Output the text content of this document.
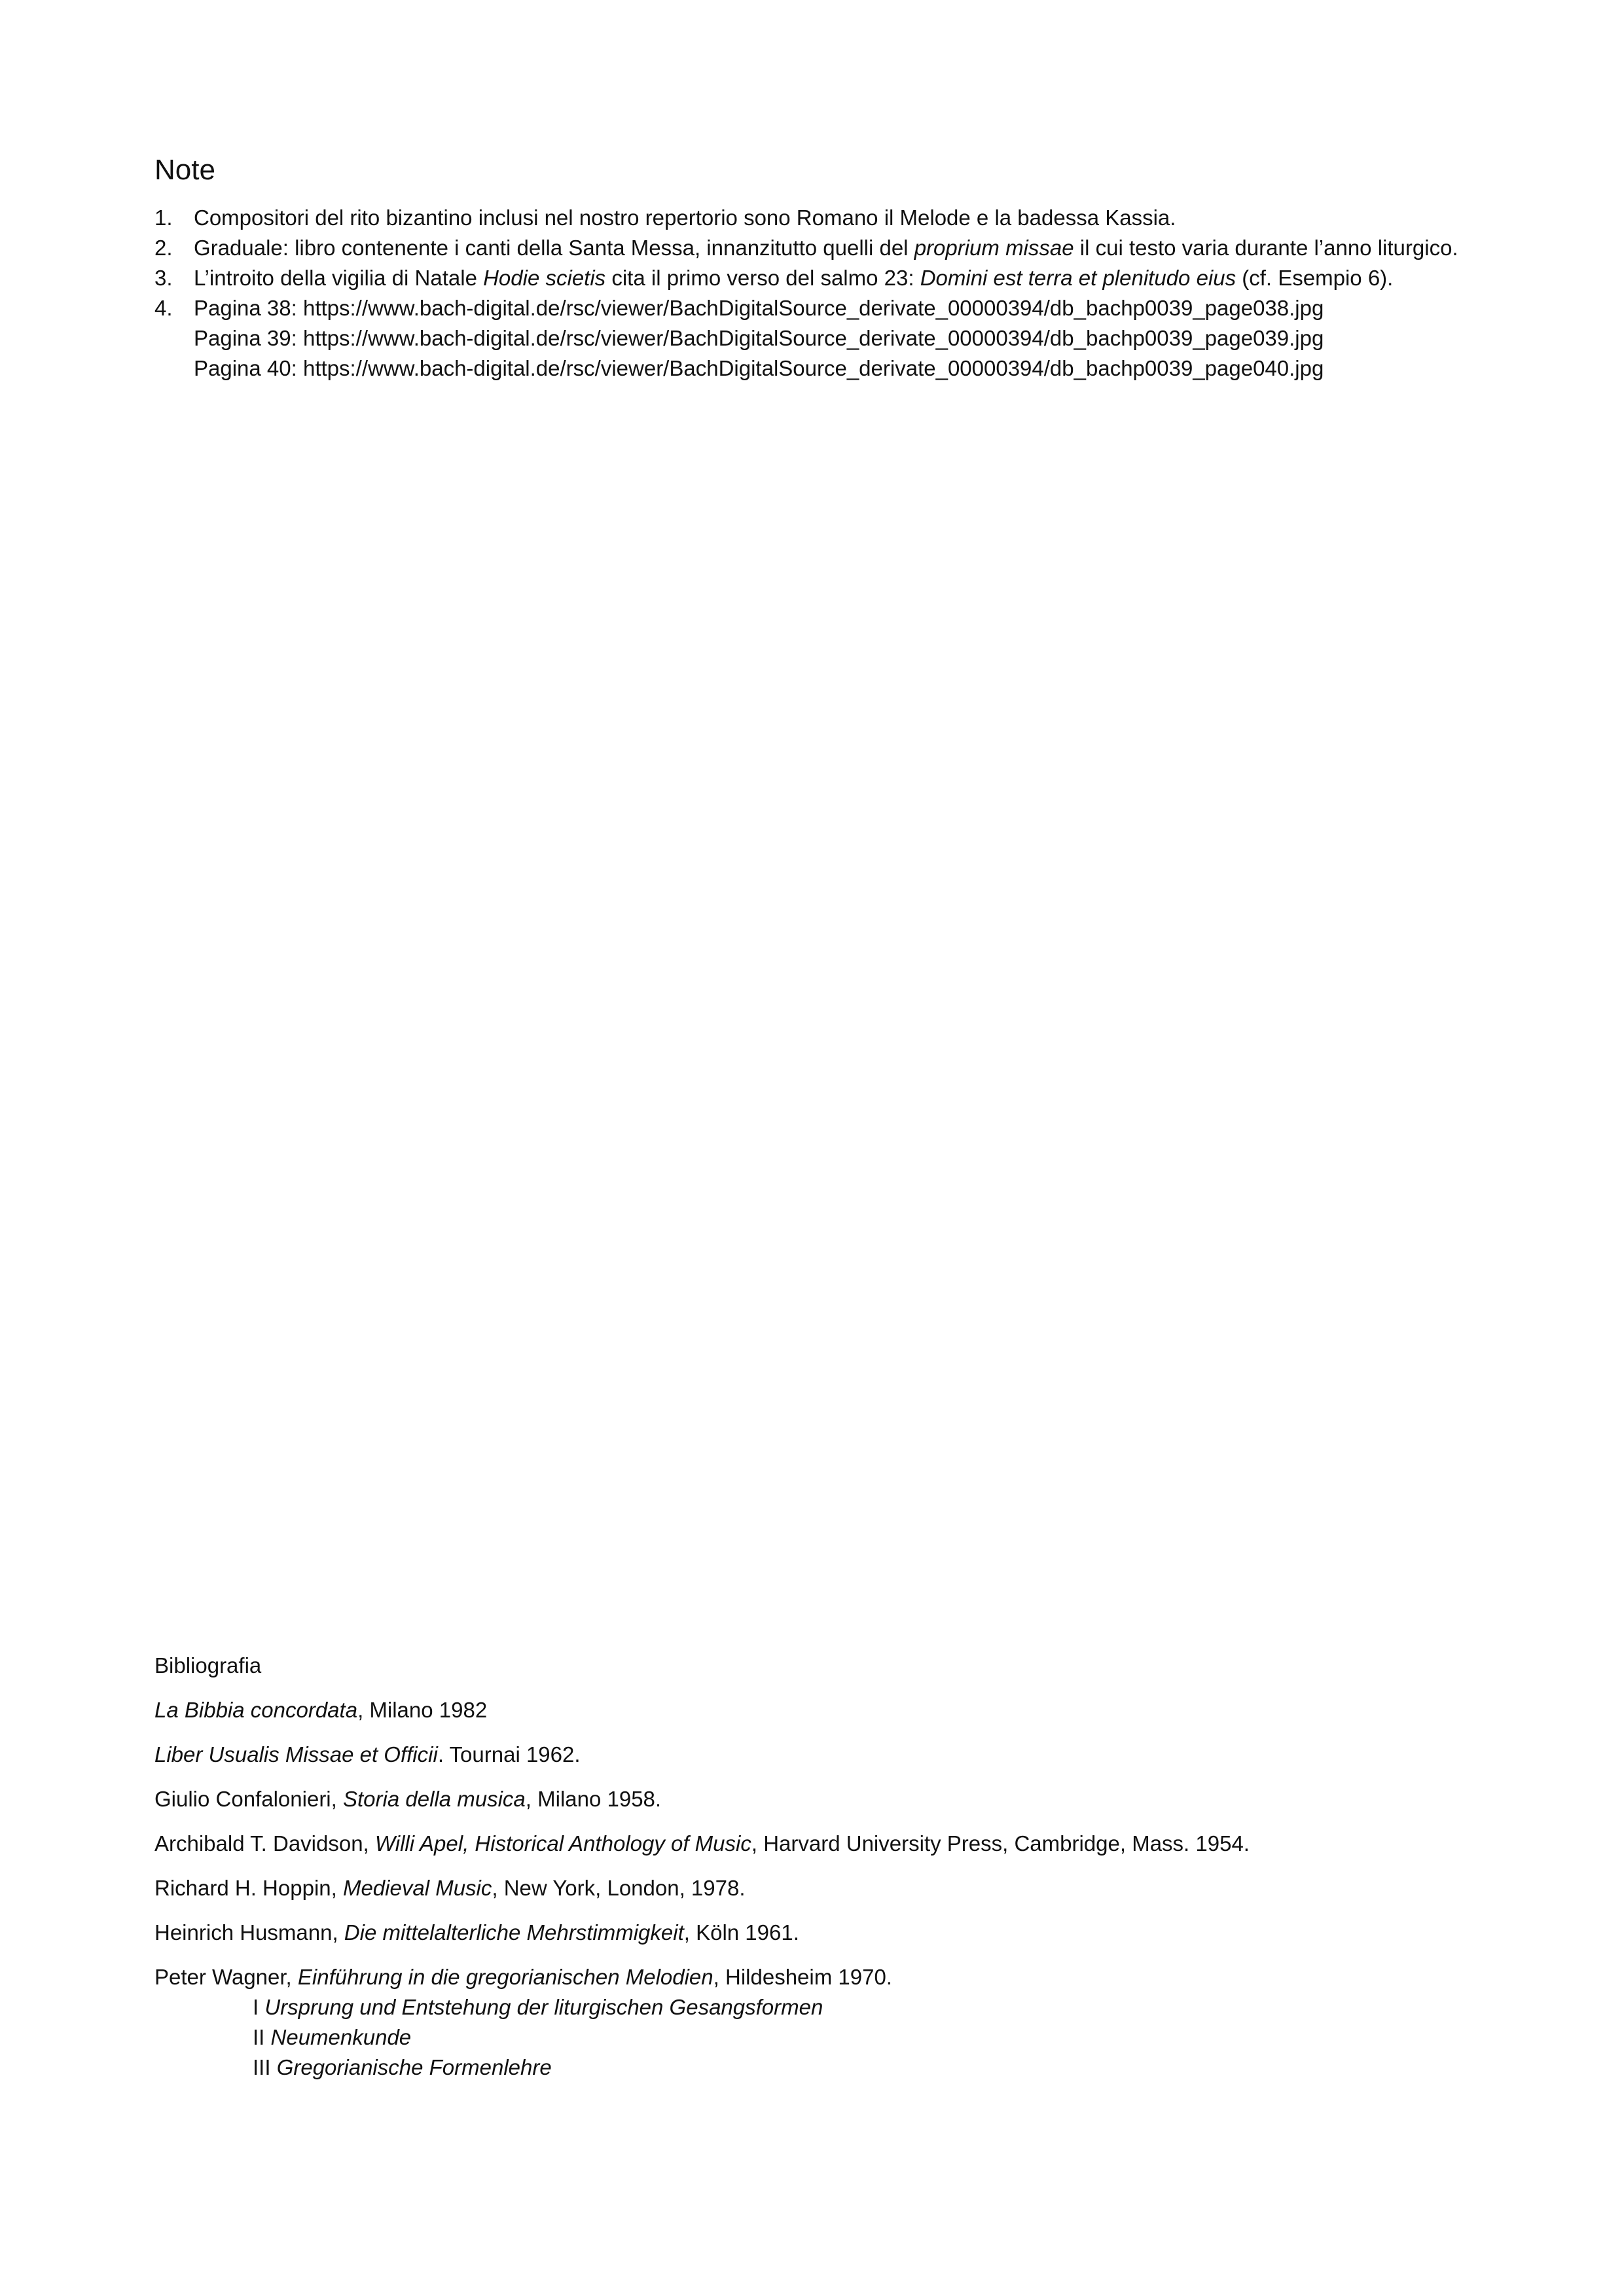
Note
1. Compositori del rito bizantino inclusi nel nostro repertorio sono Romano il Melode e la badessa Kassia.
2. Graduale: libro contenente i canti della Santa Messa, innanzitutto quelli del proprium missae il cui testo varia durante l’anno liturgico.
3. L’introito della vigilia di Natale Hodie scietis cita il primo verso del salmo 23: Domini est terra et plenitudo eius (cf. Esempio 6).
4. Pagina 38: https://www.bach-digital.de/rsc/viewer/BachDigitalSource_derivate_00000394/db_bachp0039_page038.jpg
Pagina 39: https://www.bach-digital.de/rsc/viewer/BachDigitalSource_derivate_00000394/db_bachp0039_page039.jpg
Pagina 40: https://www.bach-digital.de/rsc/viewer/BachDigitalSource_derivate_00000394/db_bachp0039_page040.jpg
Bibliografia
La Bibbia concordata, Milano 1982
Liber Usualis Missae et Officii. Tournai 1962.
Giulio Confalonieri, Storia della musica, Milano 1958.
Archibald T. Davidson, Willi Apel, Historical Anthology of Music, Harvard University Press, Cambridge, Mass. 1954.
Richard H. Hoppin, Medieval Music, New York, London, 1978.
Heinrich Husmann, Die mittelalterliche Mehrstimmigkeit, Köln 1961.
Peter Wagner, Einführung in die gregorianischen Melodien, Hildesheim 1970.
I Ursprung und Entstehung der liturgischen Gesangsformen
II Neumenkunde
III Gregorianische Formenlehre
